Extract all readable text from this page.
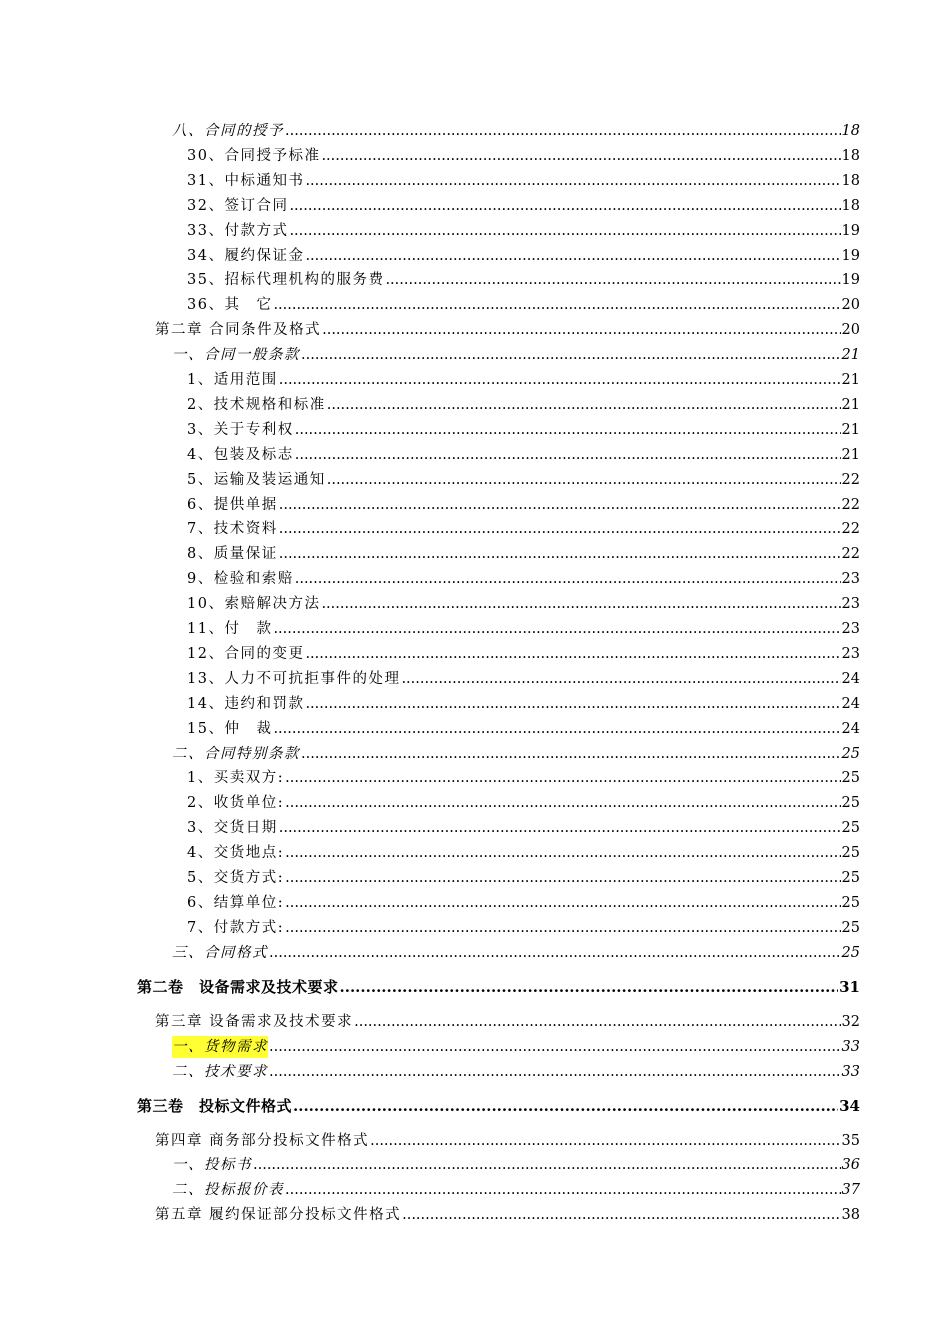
八、合同的授予 .....	18
30、合同授予标准 .....	18
31、中标通知书 .....	18
32、签订合同 .....	18
33、付款方式 .....	19
34、履约保证金 .....	19
35、招标代理机构的服务费 .....	19
36、其　它 .....	20
第二章 合同条件及格式 .....	20
一、合同一般条款 .....	21
1、适用范围 .....	21
2、技术规格和标准 .....	21
3、关于专利权 .....	21
4、包装及标志 .....	21
5、运输及装运通知 .....	22
6、提供单据 .....	22
7、技术资料 .....	22
8、质量保证 .....	22
9、检验和索赔 .....	23
10、索赔解决方法 .....	23
11、付　款 .....	23
12、合同的变更 .....	23
13、人力不可抗拒事件的处理 .....	24
14、违约和罚款 .....	24
15、仲　裁 .....	24
二、合同特别条款 .....	25
1、买卖双方: .....	25
2、收货单位: .....	25
3、交货日期 .....	25
4、交货地点: .....	25
5、交货方式: .....	25
6、结算单位: .....	25
7、付款方式: .....	25
三、合同格式 .....	25
第二卷　设备需求及技术要求 .....	31
第三章 设备需求及技术要求 .....	32
一、货物需求 .....	33
二、技术要求 .....	33
第三卷　投标文件格式 .....	34
第四章 商务部分投标文件格式 .....	35
一、投标书 .....	36
二、投标报价表 .....	37
第五章 履约保证部分投标文件格式 .....	38
